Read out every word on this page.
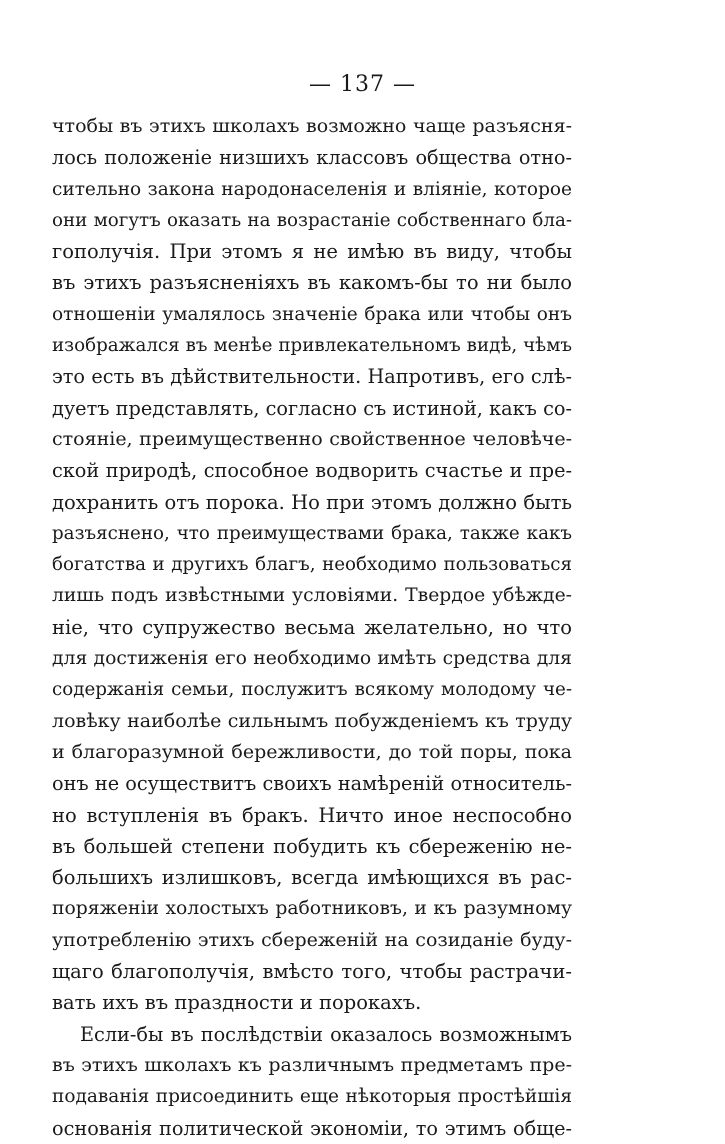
— 137 —
чтобы въ этихъ школахъ возможно чаще разъясня-
лось положеніе низшихъ классовъ общества отно-
сительно закона народонаселенія и вліяніе, которое
они могутъ оказать на возрастаніе собственнаго бла-
гополучія. При этомъ я не имѣю въ виду, чтобы
въ этихъ разъясненіяхъ въ какомъ-бы то ни было
отношеніи умалялось значеніе брака или чтобы онъ
изображался въ менѣе привлекательномъ видѣ, чѣмъ
это есть въ дѣйствительности. Напротивъ, его слѣ-
дуетъ представлять, согласно съ истиной, какъ со-
стояніе, преимущественно свойственное человѣче-
ской природѣ, способное водворить счастье и пре-
дохранить отъ порока. Но при этомъ должно быть
разъяснено, что преимуществами брака, также какъ
богатства и другихъ благъ, необходимо пользоваться
лишь подъ извѣстными условіями. Твердое убѣжде-
ніе, что супружество весьма желательно, но что
для достиженія его необходимо имѣть средства для
содержанія семьи, послужитъ всякому молодому че-
ловѣку наиболѣе сильнымъ побужденіемъ къ труду
и благоразумной бережливости, до той поры, пока
онъ не осуществитъ своихъ намѣреній относитель-
но вступленія въ бракъ. Ничто иное неспособно
въ большей степени побудить къ сбереженію не-
большихъ излишковъ, всегда имѣющихся въ рас-
поряженіи холостыхъ работниковъ, и къ разумному
употребленію этихъ сбереженій на созиданіе буду-
щаго благополучія, вмѣсто того, чтобы растрачи-
вать ихъ въ праздности и порокахъ.
Если-бы въ послѣдствіи оказалось возможнымъ
въ этихъ школахъ къ различнымъ предметамъ пре-
подаванія присоединить еще нѣкоторыя простѣйшія
основанія политической экономіи, то этимъ обще-
